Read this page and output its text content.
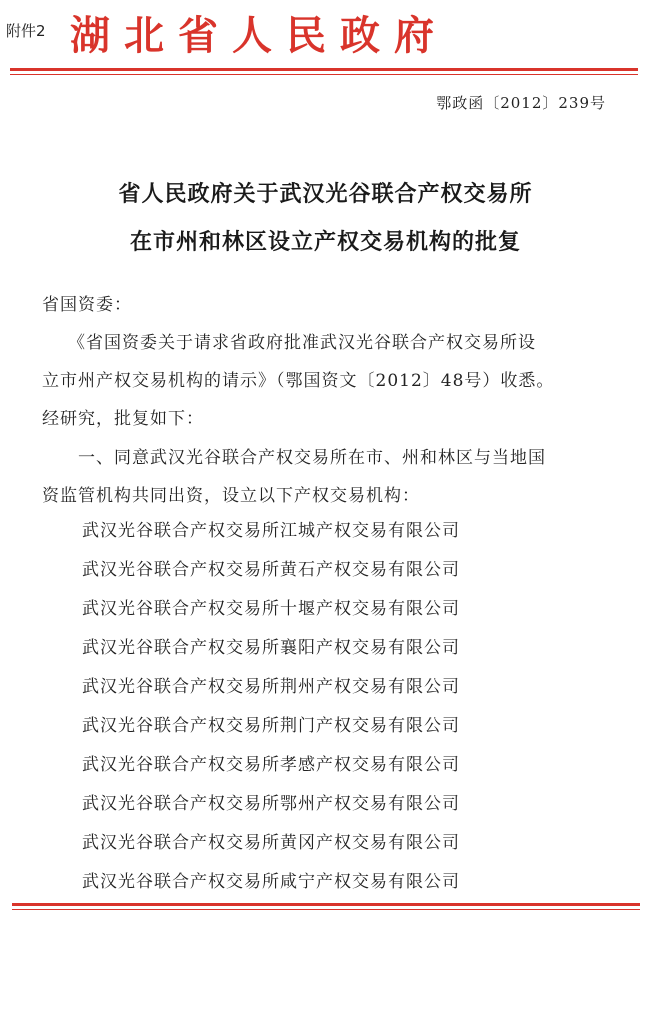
附件2 湖北省人民政府
鄂政函〔2012〕239号
省人民政府关于武汉光谷联合产权交易所
在市州和林区设立产权交易机构的批复
省国资委：
《省国资委关于请求省政府批准武汉光谷联合产权交易所设
立市州产权交易机构的请示》（鄂国资文〔2012〕48号）收悉。
经研究，批复如下：
一、同意武汉光谷联合产权交易所在市、州和林区与当地国
资监管机构共同出资，设立以下产权交易机构：
武汉光谷联合产权交易所江城产权交易有限公司
武汉光谷联合产权交易所黄石产权交易有限公司
武汉光谷联合产权交易所十堰产权交易有限公司
武汉光谷联合产权交易所襄阳产权交易有限公司
武汉光谷联合产权交易所荆州产权交易有限公司
武汉光谷联合产权交易所荆门产权交易有限公司
武汉光谷联合产权交易所孝感产权交易有限公司
武汉光谷联合产权交易所鄂州产权交易有限公司
武汉光谷联合产权交易所黄冈产权交易有限公司
武汉光谷联合产权交易所咸宁产权交易有限公司
